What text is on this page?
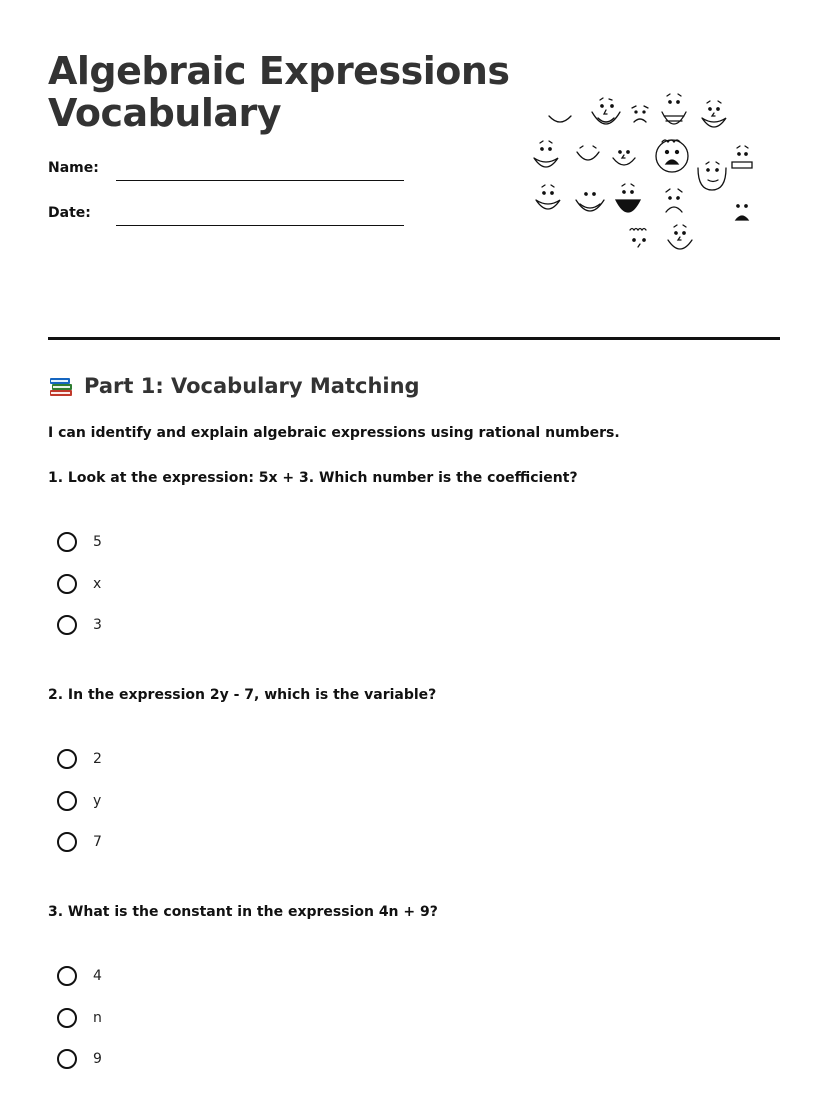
Algebraic Expressions
Vocabulary
Name:
Date:
Part 1: Vocabulary Matching
I can identify and explain algebraic expressions using rational numbers.
1. Look at the expression: 5x + 3. Which number is the coefficient?
5
x
3
2. In the expression 2y - 7, which is the variable?
2
y
7
3. What is the constant in the expression 4n + 9?
4
n
9
